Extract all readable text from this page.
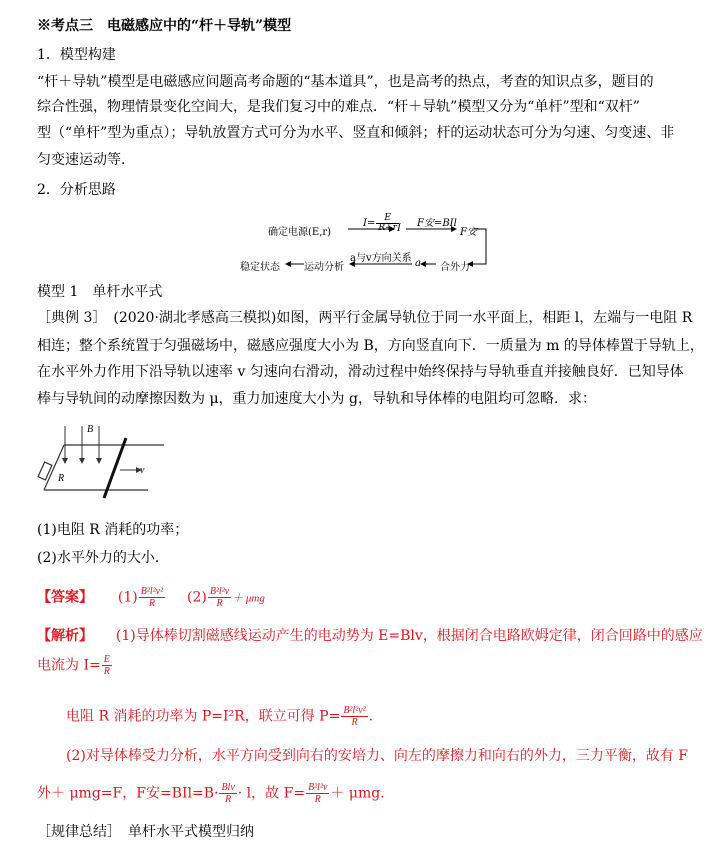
※考点三　电磁感应中的“杆＋导轨”模型
1．模型构建
“杆＋导轨”模型是电磁感应问题高考命题的“基本道具”，也是高考的热点，考查的知识点多，题目的
综合性强，物理情景变化空间大，是我们复习中的难点．“杆＋导轨”模型又分为“单杆”型和“双杆”
型（“单杆”型为重点）；导轨放置方式可分为水平、竖直和倾斜；杆的运动状态可分为匀速、匀变速、非
匀变速运动等．
2．分析思路
确定电源(E,r)
$I= \frac{E}{R+r}$
I F安=BIl
F安
稳定状态 运动分析
a与v方向关系 a 合外力
模型 1　单杆水平式
［典例 3］　(2020·湖北孝感高三模拟)如图，两平行金属导轨位于同一水平面上，相距 l，左端与一电阻 R
相连；整个系统置于匀强磁场中，磁感应强度大小为 B，方向竖直向下．一质量为 m 的导体棒置于导轨上，
在水平外力作用下沿导轨以速率 v 匀速向右滑动，滑动过程中始终保持与导轨垂直并接触良好．已知导体
棒与导轨间的动摩擦因数为 μ，重力加速度大小为 g，导轨和导体棒的电阻均可忽略．求：
B
R
v
(1)电阻 R 消耗的功率；
(2)水平外力的大小．
【答案】 $(1) \frac{\text{B²l²v²}}{R} (2) \frac{\text{B²l²v}}{R} + \mu mg$
【解析】 (1)导体棒切割磁感线运动产生的电动势为 E=Blv，根据闭合电路欧姆定律，闭合回路中的感应
电流为 $I= \frac{E}{R}$
电阻 R 消耗的功率为 P=I²R，联立可得 $P= \frac{\text{B²l²v²}}{R}$ .
(2)对导体棒受力分析，水平方向受到向右的安培力、向左的摩擦力和向右的外力，三力平衡，故有 F
外＋ μmg=F，F安$=BIl=B\cdot \frac{\text{Blv}}{R} \cdot l$，故 $F= \frac{\text{B²l²v}}{R} + \mu mg$.
［规律总结］　单杆水平式模型归纳
